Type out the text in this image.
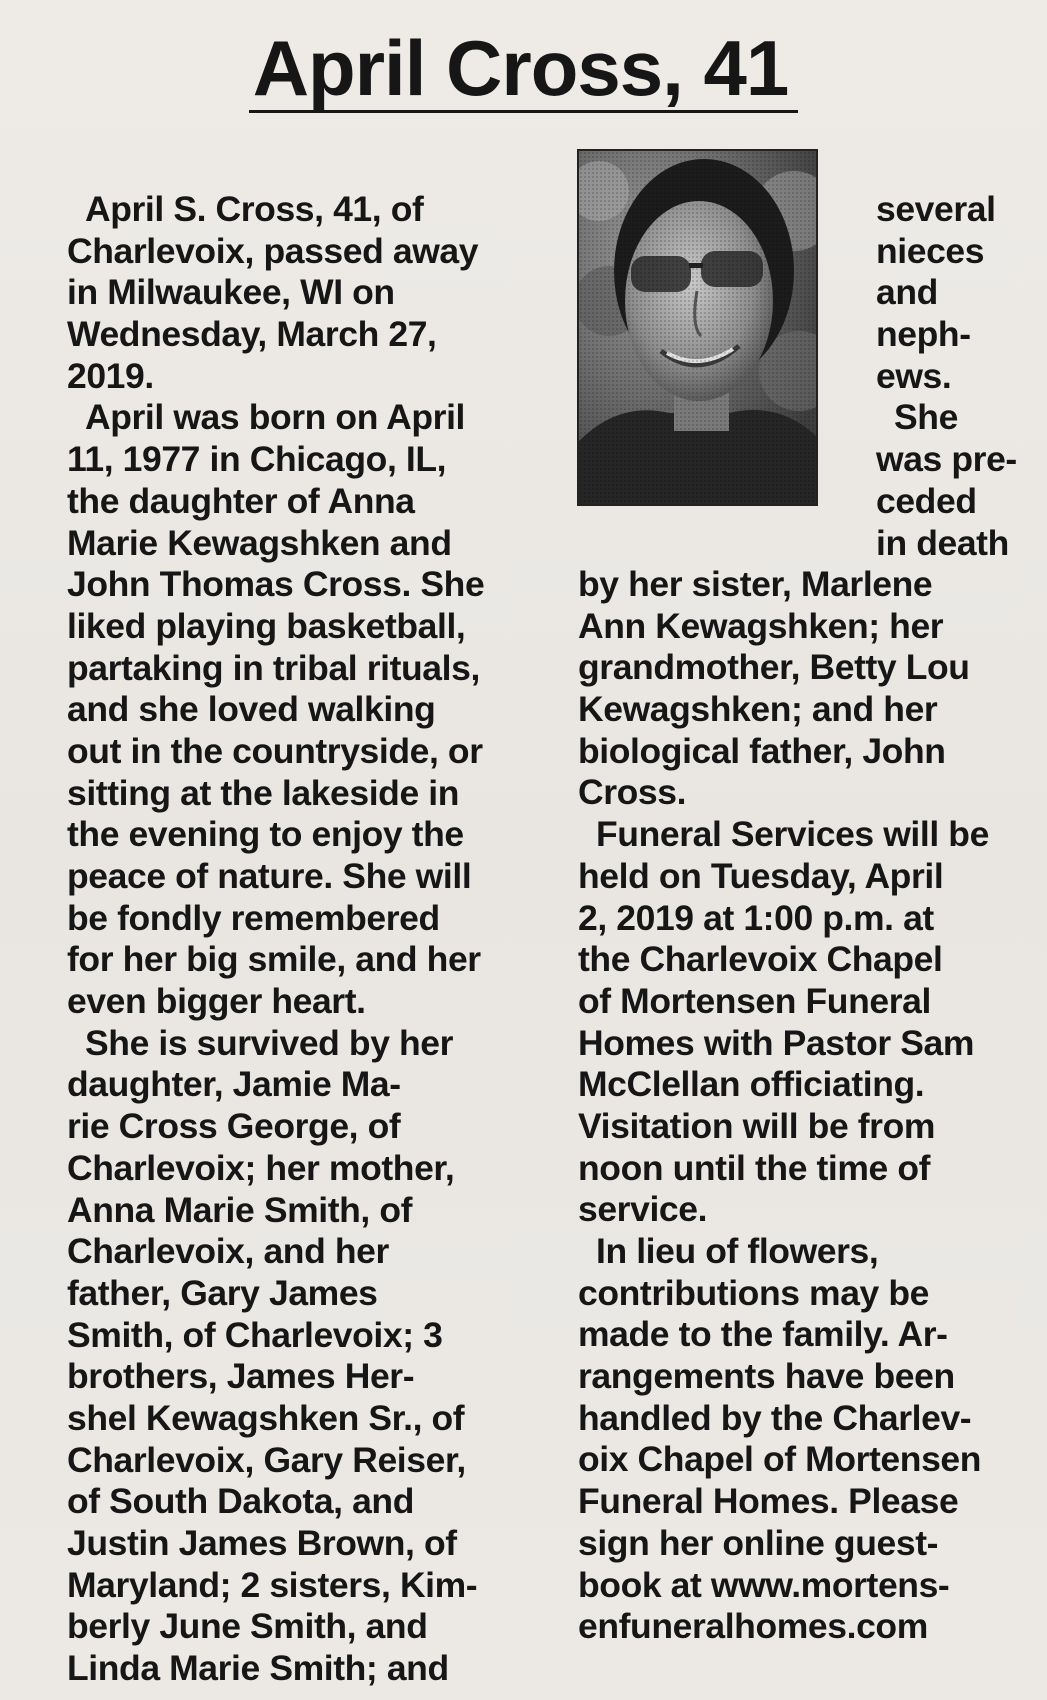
April Cross, 41
April S. Cross, 41, of
Charlevoix, passed away
in Milwaukee, WI on
Wednesday, March 27,
2019.
April was born on April
11, 1977 in Chicago, IL,
the daughter of Anna
Marie Kewagshken and
John Thomas Cross. She
liked playing basketball,
partaking in tribal rituals,
and she loved walking
out in the countryside, or
sitting at the lakeside in
the evening to enjoy the
peace of nature. She will
be fondly remembered
for her big smile, and her
even bigger heart.
She is survived by her
daughter, Jamie Ma-
rie Cross George, of
Charlevoix; her mother,
Anna Marie Smith, of
Charlevoix, and her
father, Gary James
Smith, of Charlevoix; 3
brothers, James Her-
shel Kewagshken Sr., of
Charlevoix, Gary Reiser,
of South Dakota, and
Justin James Brown, of
Maryland; 2 sisters, Kim-
berly June Smith, and
Linda Marie Smith; and
several
nieces
and
neph-
ews.
She
was pre-
ceded
in death
by her sister, Marlene
Ann Kewagshken; her
grandmother, Betty Lou
Kewagshken; and her
biological father, John
Cross.
Funeral Services will be
held on Tuesday, April
2, 2019 at 1:00 p.m. at
the Charlevoix Chapel
of Mortensen Funeral
Homes with Pastor Sam
McClellan officiating.
Visitation will be from
noon until the time of
service.
In lieu of flowers,
contributions may be
made to the family. Ar-
rangements have been
handled by the Charlev-
oix Chapel of Mortensen
Funeral Homes. Please
sign her online guest-
book at www.mortens-
enfuneralhomes.com
